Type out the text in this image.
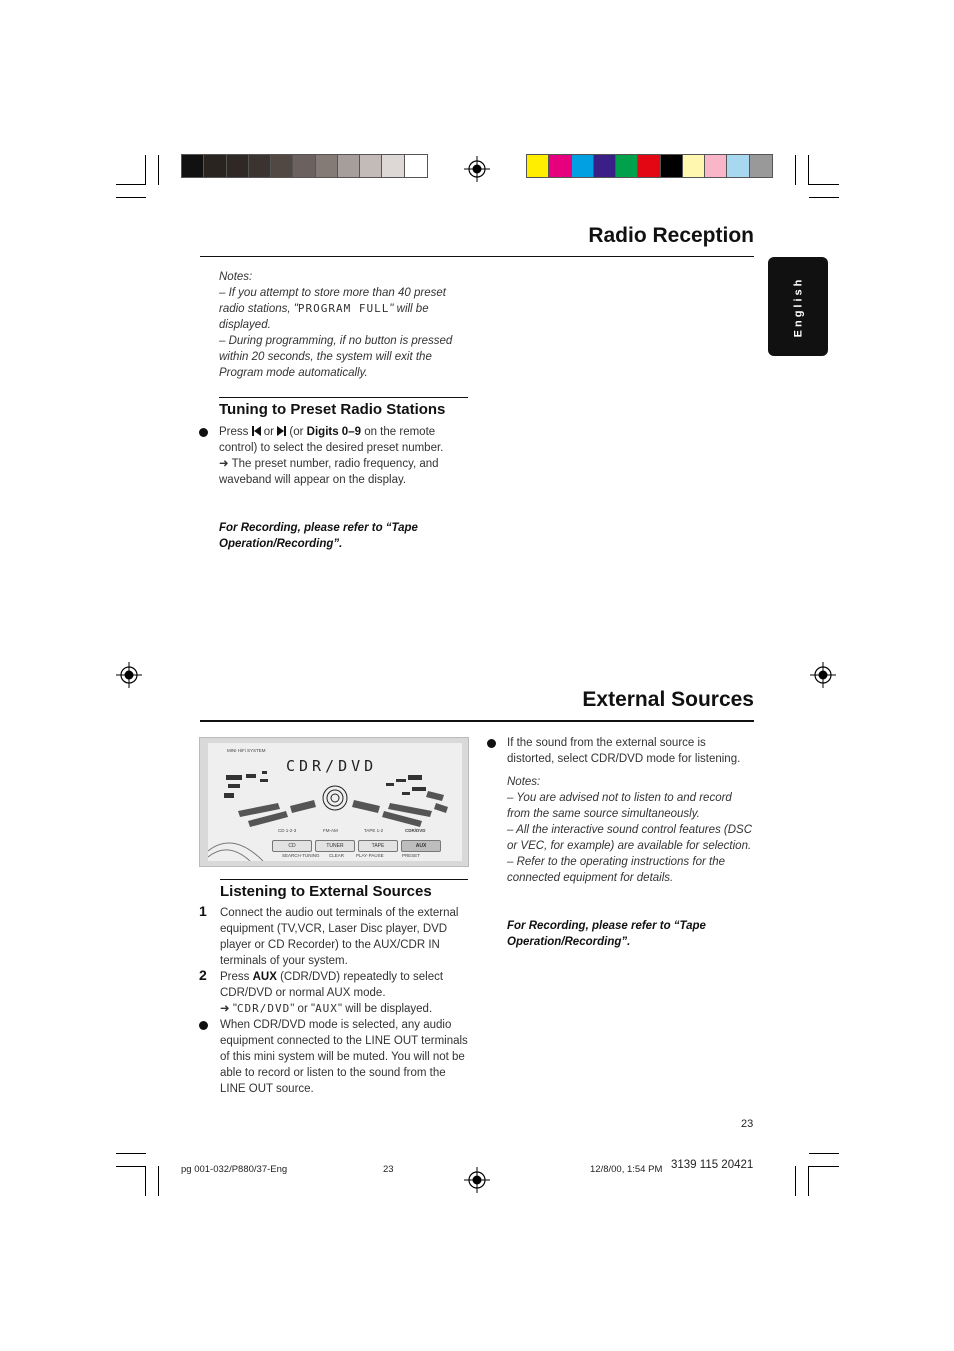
English
Radio Reception
Notes:
– If you attempt to store more than 40 preset radio stations, "PROGRAM FULL" will be displayed.
– During programming, if no button is pressed within 20 seconds, the system will exit the Program mode automatically.
Tuning to Preset Radio Stations
Press  or  (or Digits 0–9 on the remote control) to select the desired preset number.
➜ The preset number, radio frequency, and waveband will appear on the display.
For Recording, please refer to “Tape Operation/Recording”.
External Sources
MINI HiFi SYSTEM
CDR/DVD
CD 1-2-3	FM-AM	TAPE 1-2	CDR/DVD
CD	TUNER	TAPE	AUX
SEARCH·TUNING CLEAR	PLAY·PAUSE	PRESET
Listening to External Sources
1 Connect the audio out terminals of the external equipment (TV,VCR, Laser Disc player, DVD player or CD Recorder) to the AUX/CDR IN terminals of your system.
2 Press AUX (CDR/DVD) repeatedly to select CDR/DVD or normal AUX mode.
➜ "CDR/DVD" or "AUX" will be displayed.
When CDR/DVD mode is selected, any audio equipment connected to the LINE OUT terminals of this mini system will be muted. You will not be able to record or listen to the sound from the LINE OUT source.
If the sound from the external source is distorted, select CDR/DVD mode for listening.
Notes:
– You are advised not to listen to and record from the same source simultaneously.
– All the interactive sound control features (DSC or VEC, for example) are available for selection.
– Refer to the operating instructions for the connected equipment for details.
For Recording, please refer to “Tape Operation/Recording”.
23
pg 001-032/P880/37-Eng	23	12/8/00, 1:54 PM 3139 115 20421
